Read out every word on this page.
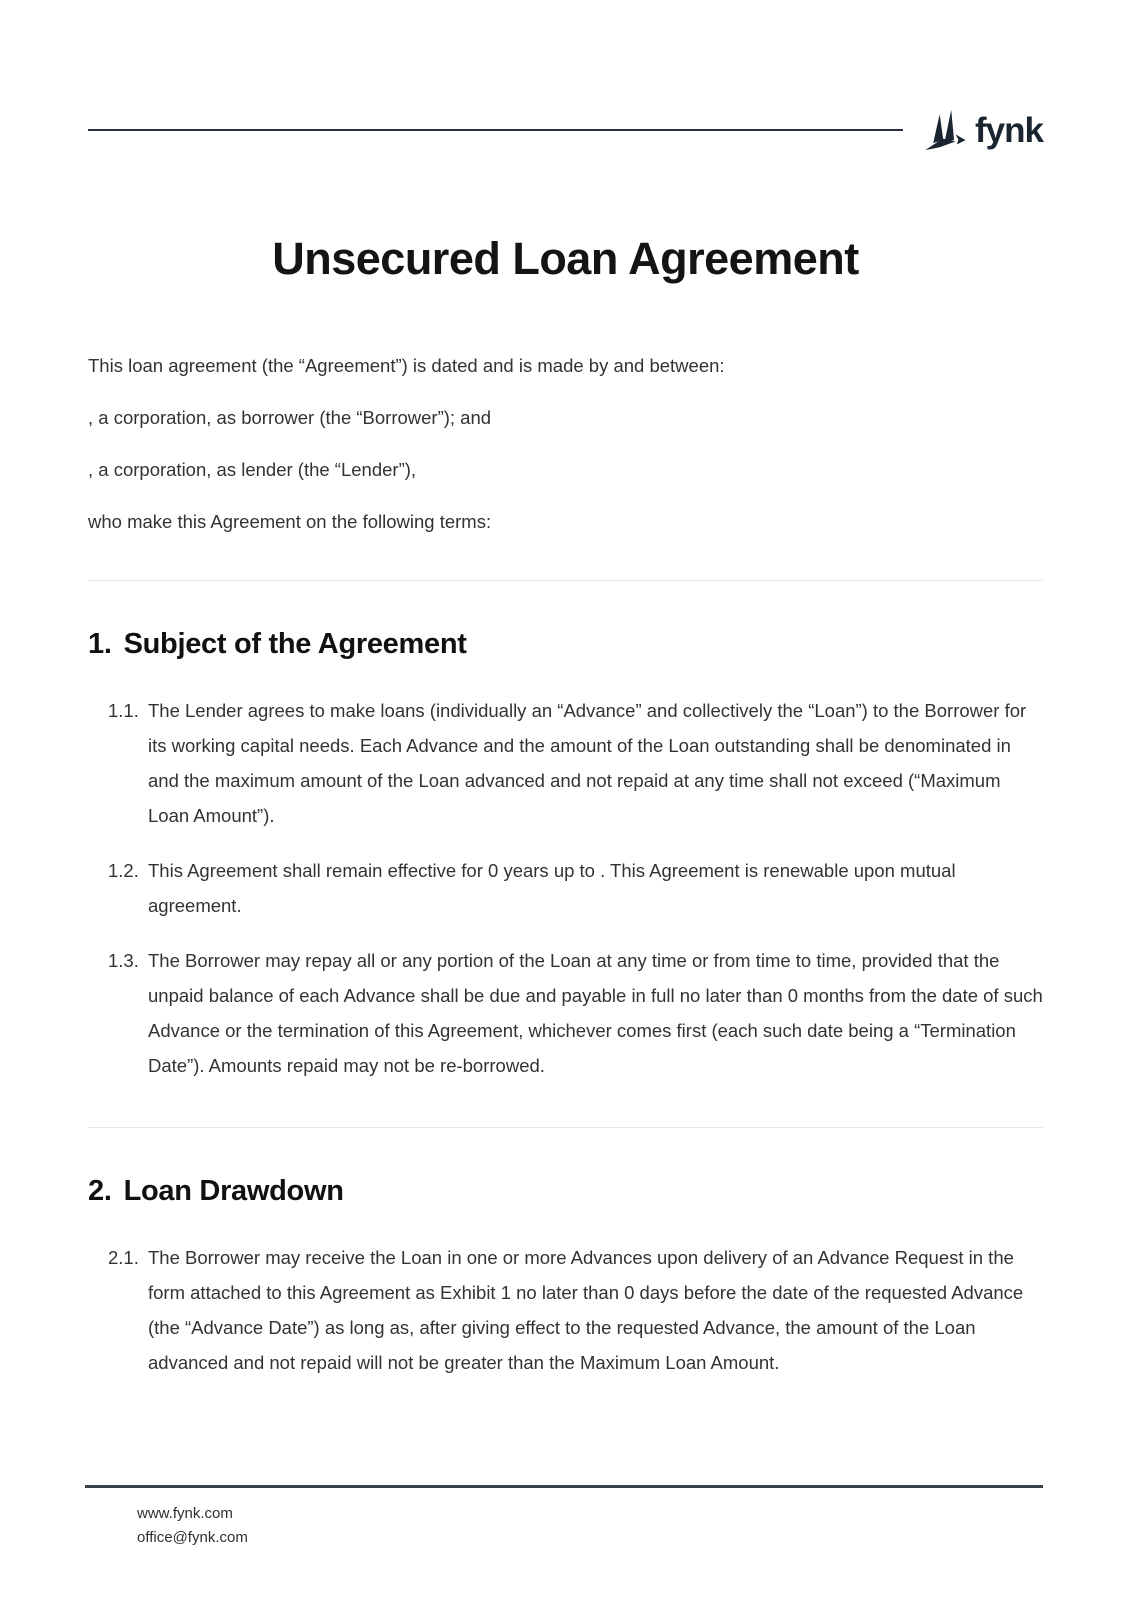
fynk
Unsecured Loan Agreement

This loan agreement (the “Agreement”) is dated and is made by and between:

, a corporation, as borrower (the “Borrower”); and

, a corporation, as lender (the “Lender”),

who make this Agreement on the following terms:

1. Subject of the Agreement
1.1. The Lender agrees to make loans (individually an “Advance” and collectively the “Loan”) to the Borrower for its working capital needs. Each Advance and the amount of the Loan outstanding shall be denominated in and the maximum amount of the Loan advanced and not repaid at any time shall not exceed (“Maximum Loan Amount”).

1.2. This Agreement shall remain effective for 0 years up to . This Agreement is renewable upon mutual agreement.

1.3. The Borrower may repay all or any portion of the Loan at any time or from time to time, provided that the unpaid balance of each Advance shall be due and payable in full no later than 0 months from the date of such Advance or the termination of this Agreement, whichever comes first (each such date being a “Termination Date”). Amounts repaid may not be re-borrowed.

2. Loan Drawdown
2.1. The Borrower may receive the Loan in one or more Advances upon delivery of an Advance Request in the form attached to this Agreement as Exhibit 1 no later than 0 days before the date of the requested Advance (the “Advance Date”) as long as, after giving effect to the requested Advance, the amount of the Loan advanced and not repaid will not be greater than the Maximum Loan Amount.

www.fynk.com
office@fynk.com
